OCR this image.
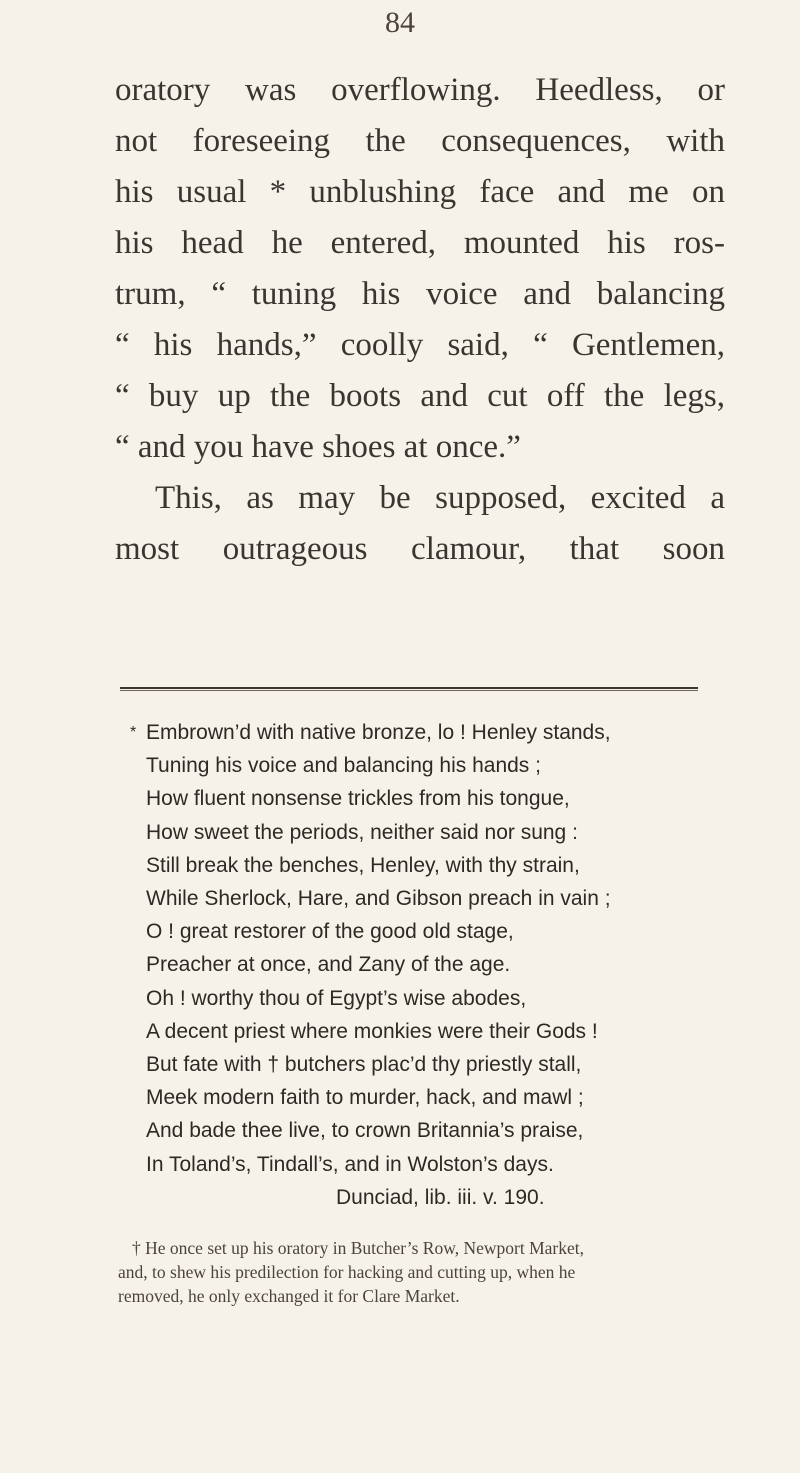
84
oratory was overflowing. Heedless, or
not foreseeing the consequences, with
his usual * unblushing face and me on
his head he entered, mounted his ros-
trum, “ tuning his voice and balancing
“ his hands,” coolly said, “ Gentlemen,
“ buy up the boots and cut off the legs,
“ and you have shoes at once.”
This, as may be supposed, excited a
most outrageous clamour, that soon
* Embrown’d with native bronze, lo ! Henley stands,
Tuning his voice and balancing his hands ;
How fluent nonsense trickles from his tongue,
How sweet the periods, neither said nor sung :
Still break the benches, Henley, with thy strain,
While Sherlock, Hare, and Gibson preach in vain ;
O ! great restorer of the good old stage,
Preacher at once, and Zany of the age.
Oh ! worthy thou of Egypt’s wise abodes,
A decent priest where monkies were their Gods !
But fate with † butchers plac’d thy priestly stall,
Meek modern faith to murder, hack, and mawl ;
And bade thee live, to crown Britannia’s praise,
In Toland’s, Tindall’s, and in Wolston’s days.
Dunciad, lib. iii. v. 190.
† He once set up his oratory in Butcher’s Row, Newport Market,
and, to shew his predilection for hacking and cutting up, when he
removed, he only exchanged it for Clare Market.
